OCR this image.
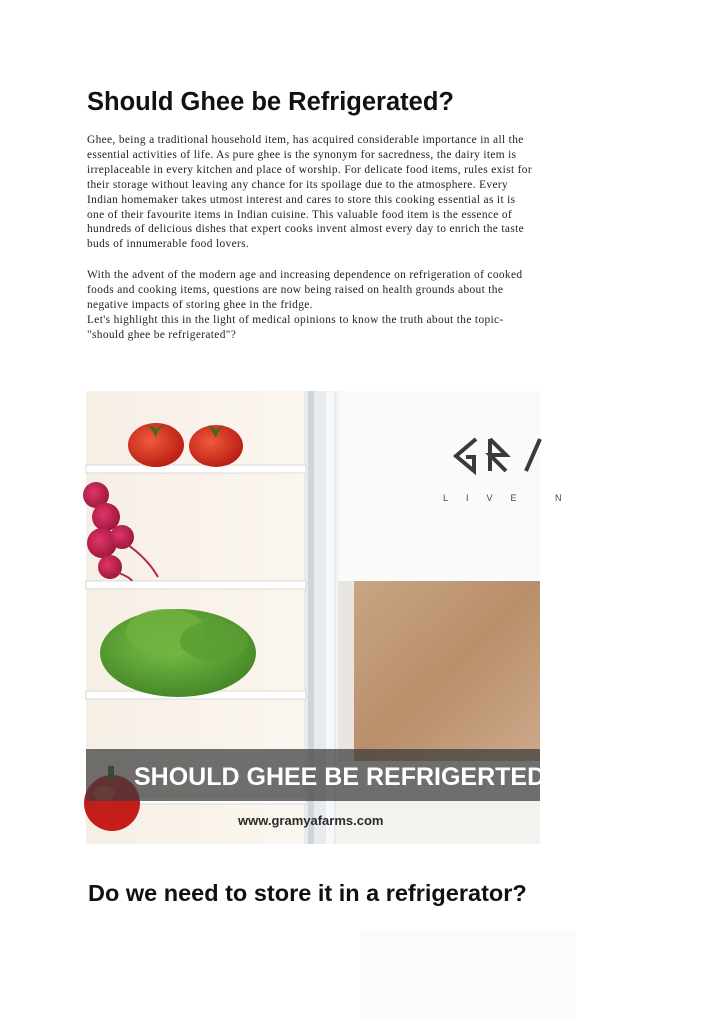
Should Ghee be Refrigerated?
Ghee, being a traditional household item, has acquired considerable importance in all the
essential activities of life. As pure ghee is the synonym for sacredness, the dairy item is
irreplaceable in every kitchen and place of worship. For delicate food items, rules exist for
their storage without leaving any chance for its spoilage due to the atmosphere. Every
Indian homemaker takes utmost interest and cares to store this cooking essential as it is
one of their favourite items in Indian cuisine. This valuable food item is the essence of
hundreds of delicious dishes that expert cooks invent almost every day to enrich the taste
buds of innumerable food lovers.
With the advent of the modern age and increasing dependence on refrigeration of cooked
foods and cooking items, questions are now being raised on health grounds about the
negative impacts of storing ghee in the fridge.
Let's highlight this in the light of medical opinions to know the truth about the topic-
"should ghee be refrigerated"?
LIVE N
SHOULD GHEE BE REFRIGERTED?
www.gramyafarms.com
Do we need to store it in a refrigerator?
